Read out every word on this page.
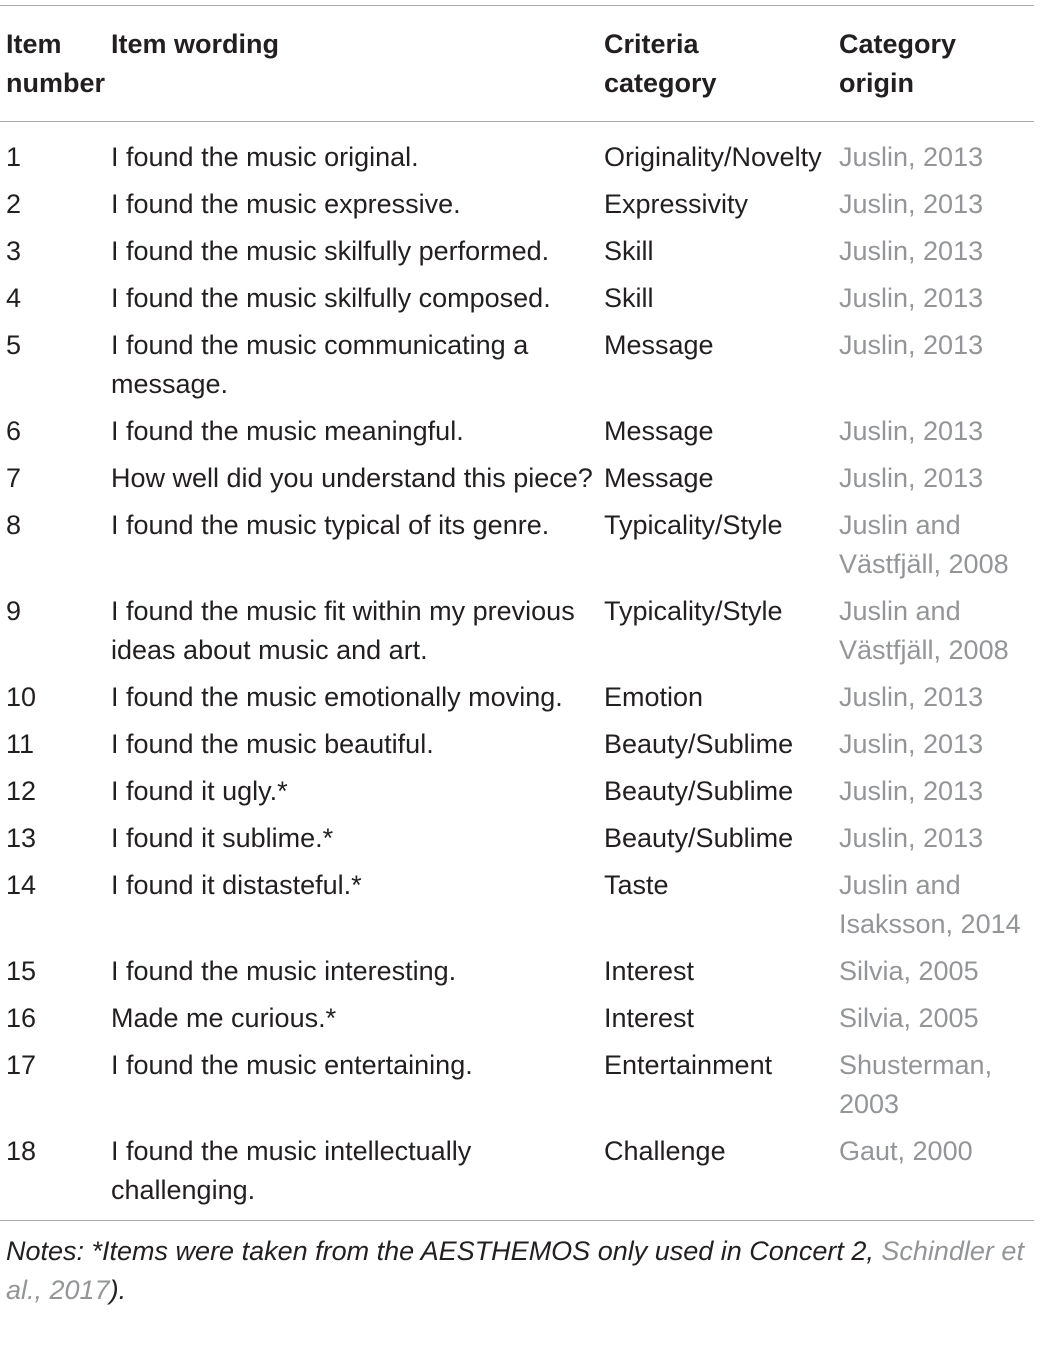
Item number	Item wording	Criteria category	Category origin
1	I found the music original.	Originality/Novelty	Juslin, 2013
2	I found the music expressive.	Expressivity	Juslin, 2013
3	I found the music skilfully performed.	Skill	Juslin, 2013
4	I found the music skilfully composed.	Skill	Juslin, 2013
5	I found the music communicating a message.	Message	Juslin, 2013
6	I found the music meaningful.	Message	Juslin, 2013
7	How well did you understand this piece?	Message	Juslin, 2013
8	I found the music typical of its genre.	Typicality/Style	Juslin and Västfjäll, 2008
9	I found the music fit within my previous ideas about music and art.	Typicality/Style	Juslin and Västfjäll, 2008
10	I found the music emotionally moving.	Emotion	Juslin, 2013
11	I found the music beautiful.	Beauty/Sublime	Juslin, 2013
12	I found it ugly.*	Beauty/Sublime	Juslin, 2013
13	I found it sublime.*	Beauty/Sublime	Juslin, 2013
14	I found it distasteful.*	Taste	Juslin and Isaksson, 2014
15	I found the music interesting.	Interest	Silvia, 2005
16	Made me curious.*	Interest	Silvia, 2005
17	I found the music entertaining.	Entertainment	Shusterman, 2003
18	I found the music intellectually challenging.	Challenge	Gaut, 2000
Notes: *Items were taken from the AESTHEMOS only used in Concert 2, Schindler et al., 2017).
